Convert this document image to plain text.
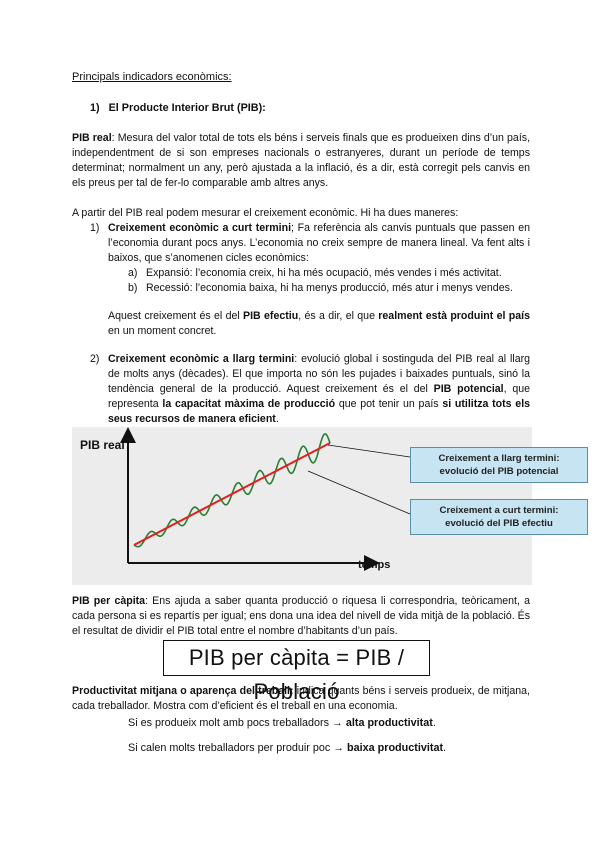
Principals indicadors econòmics:
1) El Producte Interior Brut (PIB):
PIB real: Mesura del valor total de tots els béns i serveis finals que es produeixen dins d’un país, independentment de si son empreses nacionals o estranyeres, durant un període de temps determinat; normalment un any, però ajustada a la inflació, és a dir, està corregit pels canvis en els preus per tal de fer-lo comparable amb altres anys.
A partir del PIB real podem mesurar el creixement econòmic. Hi ha dues maneres:
1) Creixement econòmic a curt termini; Fa referència als canvis puntuals que passen en l’economia durant pocs anys. L’economia no creix sempre de manera lineal. Va fent alts i baixos, que s’anomenen cicles econòmics:
a) Expansió: l’economia creix, hi ha més ocupació, més vendes i més activitat.
b) Recessió: l’economia baixa, hi ha menys producció, més atur i menys vendes.
Aquest creixement és el del PIB efectiu, és a dir, el que realment està produint el país en un moment concret.
2) Creixement econòmic a llarg termini: evolució global i sostinguda del PIB real al llarg de molts anys (dècades). El que importa no són les pujades i baixades puntuals, sinó la tendència general de la producció. Aquest creixement és el del PIB potencial, que representa la capacitat màxima de producció que pot tenir un país si utilitza tots els seus recursos de manera eficient.
PIB real
temps
Creixement a llarg termini:
evolució del PIB potencial
Creixement a curt termini:
evolució del PIB efectiu
PIB per càpita: Ens ajuda a saber quanta producció o riquesa li correspondria, teòricament, a cada persona si es repartís per igual; ens dona una idea del nivell de vida mitjà de la població. És el resultat de dividir el PIB total entre el nombre d’habitants d’un país.
PIB per càpita = PIB / Població
Productivitat mitjana o aparença del treball: indica quants béns i serveis produeix, de mitjana, cada treballador. Mostra com d’eficient és el treball en una economia.
Si es produeix molt amb pocs treballadors → alta productivitat.
Si calen molts treballadors per produir poc → baixa productivitat.
